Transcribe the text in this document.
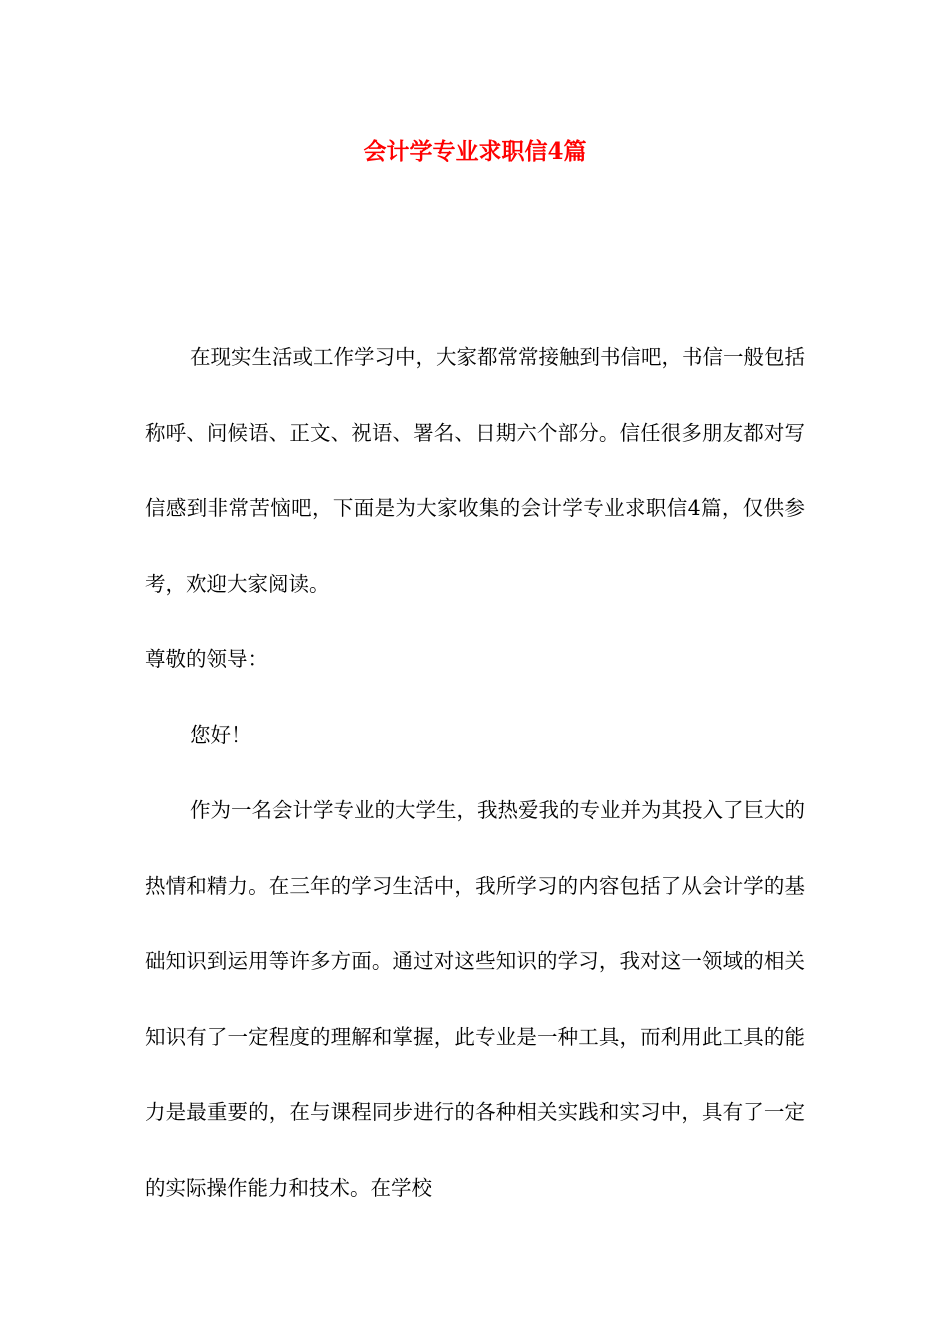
会计学专业求职信4篇

在现实生活或工作学习中，大家都常常接触到书信吧，书信一般包括称呼、问候语、正文、祝语、署名、日期六个部分。信任很多朋友都对写信感到非常苦恼吧，下面是为大家收集的会计学专业求职信4篇，仅供参考，欢迎大家阅读。

尊敬的领导：

您好！

作为一名会计学专业的大学生，我热爱我的专业并为其投入了巨大的热情和精力。在三年的学习生活中，我所学习的内容包括了从会计学的基础知识到运用等许多方面。通过对这些知识的学习，我对这一领域的相关知识有了一定程度的理解和掌握，此专业是一种工具，而利用此工具的能力是最重要的，在与课程同步进行的各种相关实践和实习中，具有了一定的实际操作能力和技术。在学校
